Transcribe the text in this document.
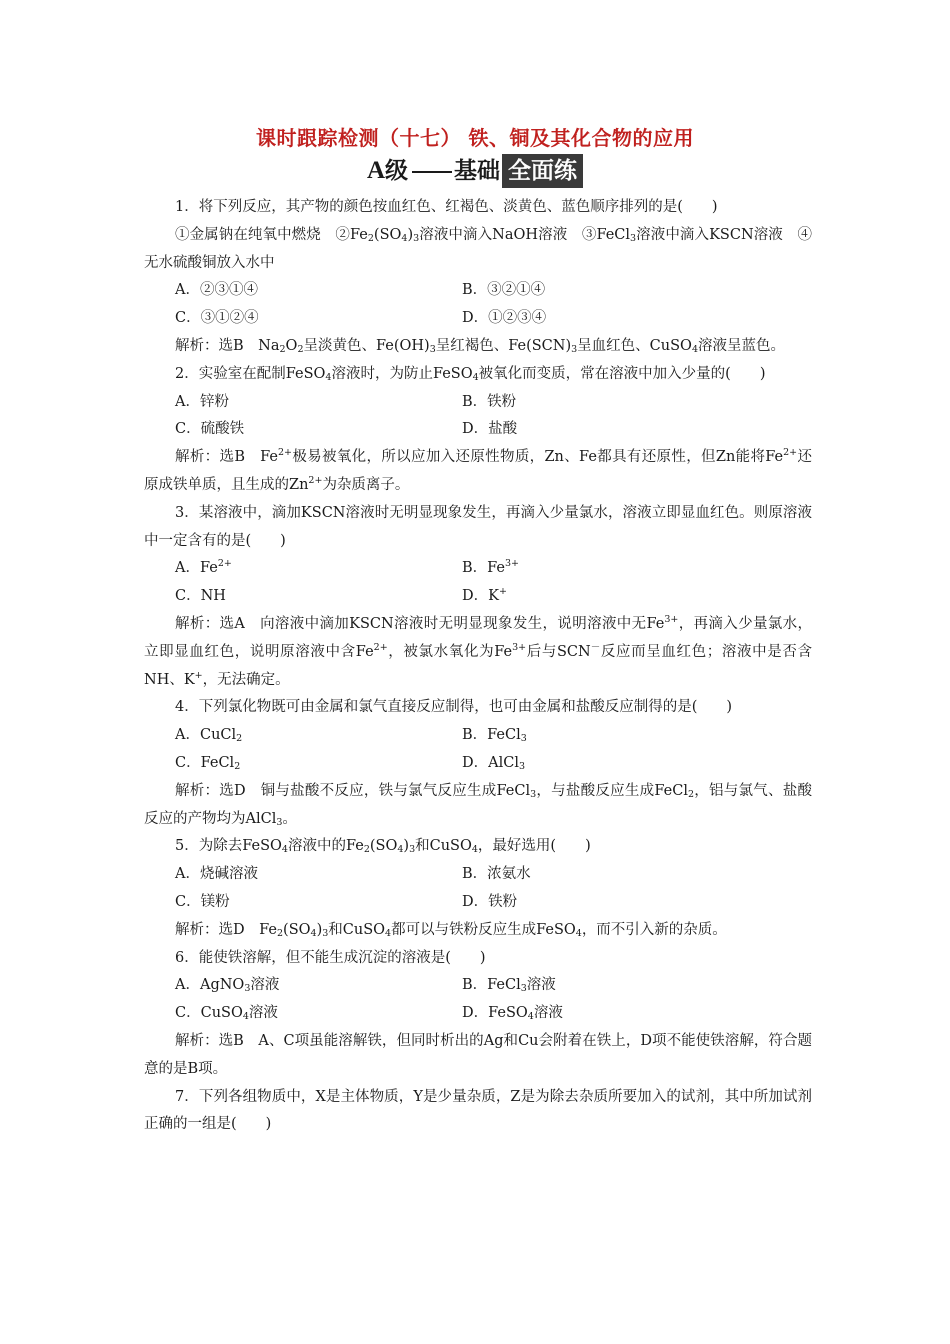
课时跟踪检测（十七） 铁、铜及其化合物的应用
A级 基础 全面练

1．将下列反应，其产物的颜色按血红色、红褐色、淡黄色、蓝色顺序排列的是(　　)

①金属钠在纯氧中燃烧　$②Fe_2(SO_4)_3$溶液中滴入NaOH溶液　③FeCl$_3$溶液中滴入KSCN溶液　④无水硫酸铜放入水中

A．②③①④	B．③②①④
C．③①②④	D．①②③④

解析：选B　$Na_2O_2$呈淡黄色、$Fe(OH)_3$呈红褐色、$Fe(SCN)_3$呈血红色、CuSO$_4$溶液呈蓝色。

2．实验室在配制FeSO$_4$溶液时，为防止FeSO$_4$被氧化而变质，常在溶液中加入少量的(　　)

A．锌粉	B．铁粉
C．硫酸铁	D．盐酸

解析：选B　$Fe^{2+}$极易被氧化，所以应加入还原性物质，Zn、Fe都具有还原性，但Zn能将$Fe^{2+}$还原成铁单质，且生成的$Zn^{2+}$为杂质离子。

3．某溶液中，滴加KSCN溶液时无明显现象发生，再滴入少量氯水，溶液立即显血红色。则原溶液中一定含有的是(　　)

A．$Fe^{2+}$	B．$Fe^{3+}$
C．NH	D．K+

解析：选A　向溶液中滴加KSCN溶液时无明显现象发生，说明溶液中无$Fe^{3+}$，再滴入少量氯水，立即显血红色，说明原溶液中含$Fe^{2+}$，被氯水氧化为$Fe^{3+}$后与SCN－反应而呈血红色；溶液中是否含NH、K+，无法确定。

4．下列氯化物既可由金属和氯气直接反应制得，也可由金属和盐酸反应制得的是(　　)

A．CuCl$_2$	B．FeCl$_3$
C．FeCl$_2$	D．AlCl$_3$

解析：选D　铜与盐酸不反应，铁与氯气反应生成FeCl$_3$，与盐酸反应生成FeCl$_2$，铝与氯气、盐酸反应的产物均为AlCl$_3$。

5．为除去FeSO$_4$溶液中的$Fe_2(SO_4)_3$和CuSO$_4$，最好选用(　　)

A．烧碱溶液	B．浓氨水
C．镁粉	D．铁粉

解析：选D　$Fe_2(SO_4)_3$和CuSO$_4$都可以与铁粉反应生成FeSO$_4$，而不引入新的杂质。

6．能使铁溶解，但不能生成沉淀的溶液是(　　)

A．AgNO$_3$溶液	B．FeCl$_3$溶液
C．CuSO$_4$溶液	D．FeSO$_4$溶液

解析：选B　A、C项虽能溶解铁，但同时析出的Ag和Cu会附着在铁上，D项不能使铁溶解，符合题意的是B项。

7．下列各组物质中，X是主体物质，Y是少量杂质，Z是为除去杂质所要加入的试剂，其中所加试剂正确的一组是(　　)
